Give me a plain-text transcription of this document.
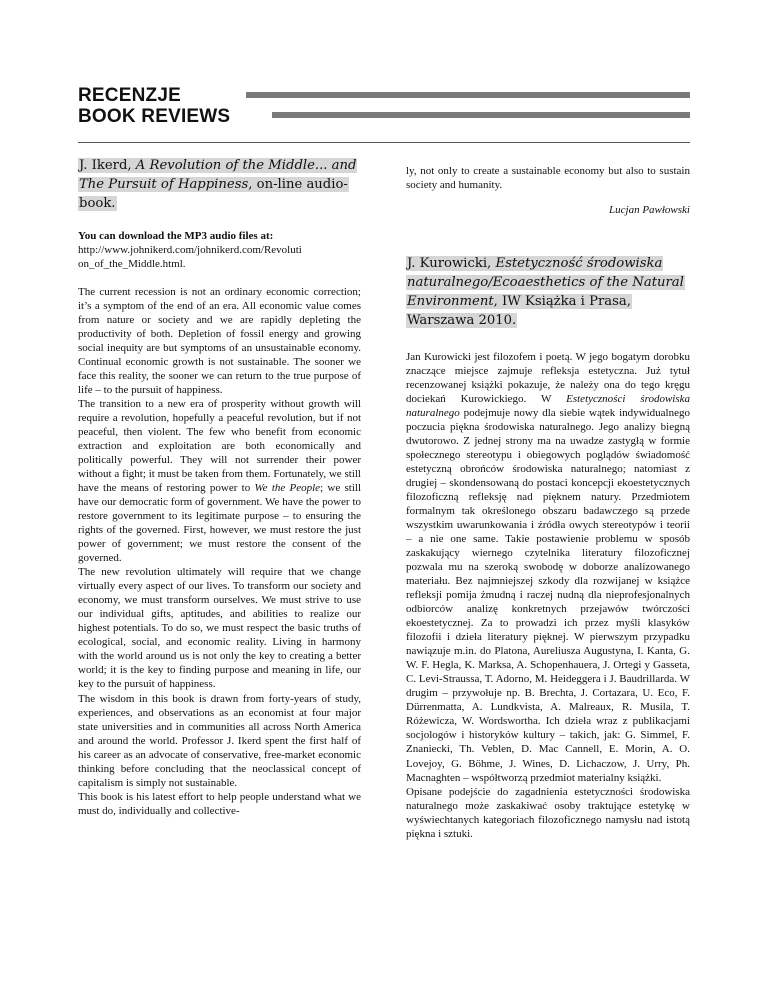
RECENZJE
BOOK REVIEWS
J. Ikerd, A Revolution of the Middle... and The Pursuit of Happiness, on-line audio-book.

You can download the MP3 audio files at:

http://www.johnikerd.com/johnikerd.com/Revoluti
on_of_the_Middle.html.

The current recession is not an ordinary economic correction; it’s a symptom of the end of an era. All economic value comes from nature or society and we are rapidly depleting the productivity of both. Depletion of fossil energy and growing social inequity are but symptoms of an unsustainable economy. Continual economic growth is not sustainable. The sooner we face this reality, the sooner we can return to the true purpose of life – to the pursuit of happiness.

The transition to a new era of prosperity without growth will require a revolution, hopefully a peaceful revolution, but if not peaceful, then violent. The few who benefit from economic extraction and exploitation are both economically and politically powerful. They will not surrender their power without a fight; it must be taken from them. Fortunately, we still have the means of restoring power to We the People; we still have our democratic form of government. We have the power to restore government to its legitimate purpose – to ensuring the rights of the governed. First, however, we must restore the just power of government; we must restore the consent of the governed.

The new revolution ultimately will require that we change virtually every aspect of our lives. To transform our society and economy, we must transform ourselves. We must strive to use our individual gifts, aptitudes, and abilities to realize our highest potentials. To do so, we must respect the basic truths of ecological, social, and economic reality. Living in harmony with the world around us is not only the key to creating a better world; it is the key to finding purpose and meaning in life, our key to the pursuit of happiness.

The wisdom in this book is drawn from forty-years of study, experiences, and observations as an economist at four major state universities and in communities all across North America and around the world. Professor J. Ikerd spent the first half of his career as an advocate of conservative, free-market economic thinking before concluding that the neoclassical concept of capitalism is simply not sustainable.

This book is his latest effort to help people understand what we must do, individually and collective-

ly, not only to create a sustainable economy but also to sustain society and humanity.

Lucjan Pawłowski

J. Kurowicki, Estetyczność środowiska naturalnego/Ecoaesthetics of the Natural Environment, IW Książka i Prasa, Warszawa 2010.

Jan Kurowicki jest filozofem i poetą. W jego bogatym dorobku znaczące miejsce zajmuje refleksja estetyczna. Już tytuł recenzowanej książki pokazuje, że należy ona do tego kręgu dociekań Kurowickiego. W Estetyczności środowiska naturalnego podejmuje nowy dla siebie wątek indywidualnego poczucia piękna środowiska naturalnego. Jego analizy biegną dwutorowo. Z jednej strony ma na uwadze zastygłą w formie społecznego stereotypu i obiegowych poglądów świadomość estetyczną obrońców środowiska naturalnego; natomiast z drugiej – skondensowaną do postaci koncepcji ekoestetycznych filozoficzną refleksję nad pięknem natury. Przedmiotem formalnym tak określonego obszaru badawczego są przede wszystkim uwarunkowania i źródła owych stereotypów i teorii – a nie one same. Takie postawienie problemu w sposób zaskakujący wiernego czytelnika literatury filozoficznej pozwala mu na szeroką swobodę w doborze analizowanego materiału. Bez najmniejszej szkody dla rozwijanej w książce refleksji pomija żmudną i raczej nudną dla nieprofesjonalnych odbiorców analizę konkretnych przejawów twórczości ekoestetycznej. Za to prowadzi ich przez myśli klasyków filozofii i dzieła literatury pięknej. W pierwszym przypadku nawiązuje m.in. do Platona, Aureliusza Augustyna, I. Kanta, G. W. F. Hegla, K. Marksa, A. Schopenhauera, J. Ortegi y Gasseta, C. Levi-Straussa, T. Adorno, M. Heideggera i J. Baudrillarda. W drugim – przywołuje np. B. Brechta, J. Cortazara, U. Eco, F. Dürrenmatta, A. Lundkvista, A. Malreaux, R. Musila, T. Różewicza, W. Wordswortha. Ich dzieła wraz z publikacjami socjologów i historyków kultury – takich, jak: G. Simmel, F. Znaniecki, Th. Veblen, D. Mac Cannell, E. Morin, A. O. Lovejoy, G. Böhme, J. Wines, D. Lichaczow, J. Urry, Ph. Macnaghten – współtworzą przedmiot materialny książki.

Opisane podejście do zagadnienia estetyczności środowiska naturalnego może zaskakiwać osoby traktujące estetykę w wyświechtanych kategoriach filozoficznego namysłu nad istotą piękna i sztuki.
